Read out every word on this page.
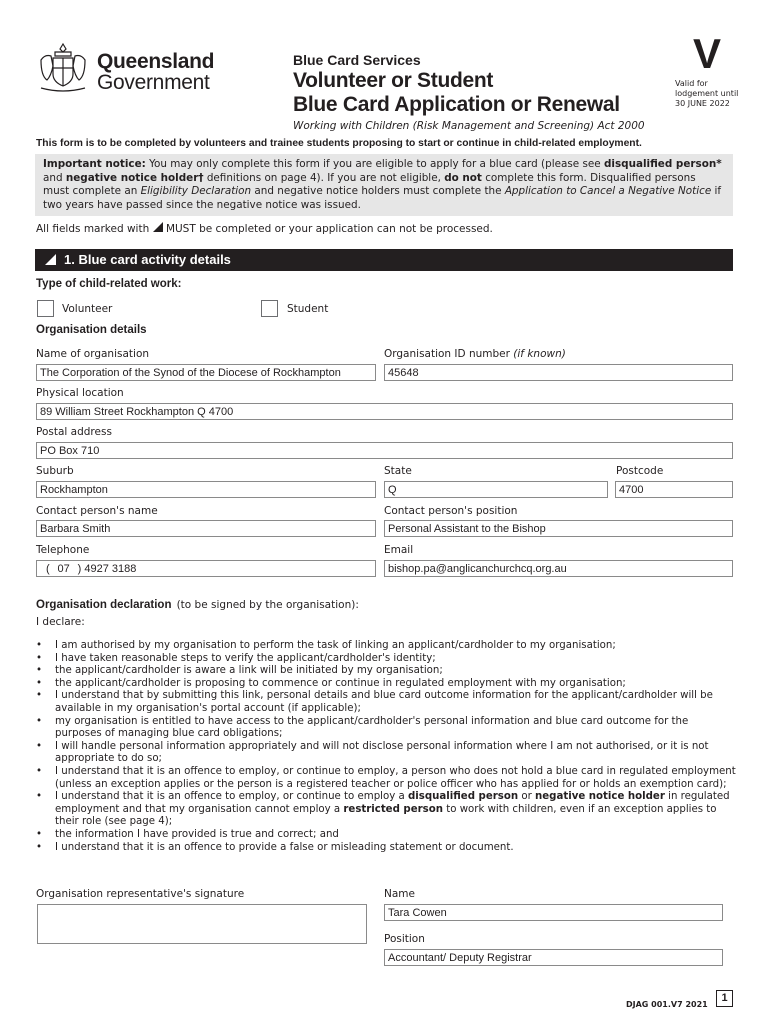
Queensland
Government
Blue Card Services
Volunteer or Student
Blue Card Application or Renewal
Working with Children (Risk Management and Screening) Act 2000
V
Valid for
lodgement until
30 JUNE 2022
This form is to be completed by volunteers and trainee students proposing to start or continue in child-related employment.
Important notice: You may only complete this form if you are eligible to apply for a blue card (please see disqualified person* and negative notice holder† definitions on page 4). If you are not eligible, do not complete this form. Disqualified persons must complete an Eligibility Declaration and negative notice holders must complete the Application to Cancel a Negative Notice if two years have passed since the negative notice was issued.
All fields marked with MUST be completed or your application can not be processed.
1. Blue card activity details
Type of child-related work:
Volunteer	Student
Organisation details
Name of organisation
The Corporation of the Synod of the Diocese of Rockhampton
Organisation ID number (if known)
45648
Physical location
89 William Street Rockhampton Q 4700
Postal address
PO Box 710
Suburb
Rockhampton
State
Q
Postcode
4700
Contact person's name
Barbara Smith
Contact person's position
Personal Assistant to the Bishop
Telephone
( 07 ) 4927 3188
Email
bishop.pa@anglicanchurchcq.org.au
Organisation declaration (to be signed by the organisation):
I declare:
• I am authorised by my organisation to perform the task of linking an applicant/cardholder to my organisation;
• I have taken reasonable steps to verify the applicant/cardholder's identity;
• the applicant/cardholder is aware a link will be initiated by my organisation;
• the applicant/cardholder is proposing to commence or continue in regulated employment with my organisation;
• I understand that by submitting this link, personal details and blue card outcome information for the applicant/cardholder will be available in my organisation's portal account (if applicable);
• my organisation is entitled to have access to the applicant/cardholder's personal information and blue card outcome for the purposes of managing blue card obligations;
• I will handle personal information appropriately and will not disclose personal information where I am not authorised, or it is not appropriate to do so;
• I understand that it is an offence to employ, or continue to employ, a person who does not hold a blue card in regulated employment (unless an exception applies or the person is a registered teacher or police officer who has applied for or holds an exemption card);
• I understand that it is an offence to employ, or continue to employ a disqualified person or negative notice holder in regulated employment and that my organisation cannot employ a restricted person to work with children, even if an exception applies to their role (see page 4);
• the information I have provided is true and correct; and
• I understand that it is an offence to provide a false or misleading statement or document.
Organisation representative's signature	Name
Tara Cowen
Position
Accountant/ Deputy Registrar
DJAG 001.V7 2021
1
